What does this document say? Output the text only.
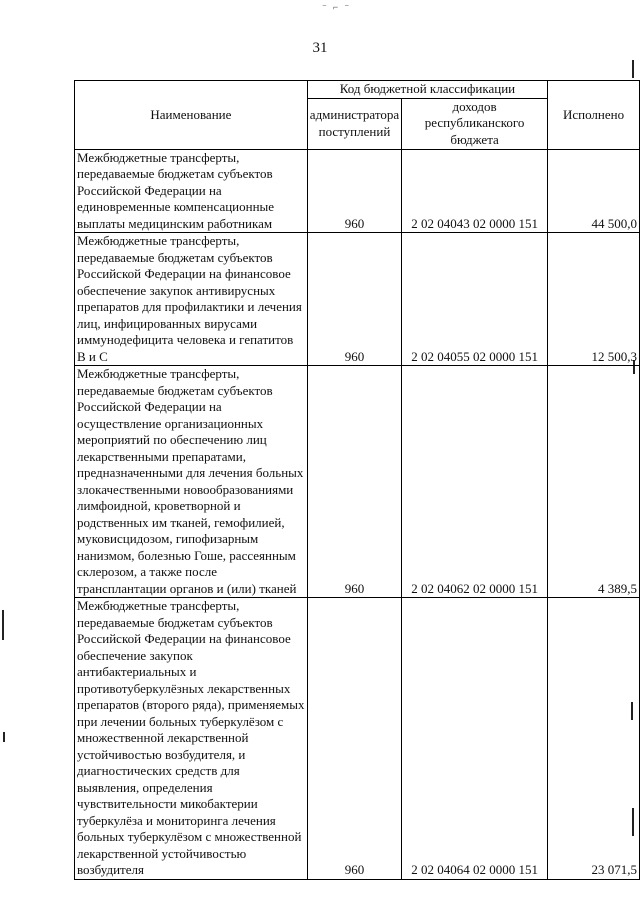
⁻ ⌐ ⁻
31
Наименование	Код бюджетной классификации		Исполнено
	администратора поступлений	доходов республиканского бюджета	
Межбюджетные трансферты, передаваемые бюджетам субъектов Российской Федерации на единовременные компенсационные выплаты медицинским работникам	960	2 02 04043 02 0000 151	44 500,0
Межбюджетные трансферты, передаваемые бюджетам субъектов Российской Федерации на финансовое обеспечение закупок антивирусных препаратов для профилактики и лечения лиц, инфицированных вирусами иммунодефицита человека и гепатитов В и С	960	2 02 04055 02 0000 151	12 500,3
Межбюджетные трансферты, передаваемые бюджетам субъектов Российской Федерации на осуществление организационных мероприятий по обеспечению лиц лекарственными препаратами, предназначенными для лечения больных злокачественными новообразованиями лимфоидной, кроветворной и родственных им тканей, гемофилией, муковисцидозом, гипофизарным нанизмом, болезнью Гоше, рассеянным склерозом, а также после трансплантации органов и (или) тканей	960	2 02 04062 02 0000 151	4 389,5
Межбюджетные трансферты, передаваемые бюджетам субъектов Российской Федерации на финансовое обеспечение закупок антибактериальных и противотуберкулёзных лекарственных препаратов (второго ряда), применяемых при лечении больных туберкулёзом с множественной лекарственной устойчивостью возбудителя, и диагностических средств для выявления, определения чувствительности микобактерии туберкулёза и мониторинга лечения больных туберкулёзом с множественной лекарственной устойчивостью возбудителя	960	2 02 04064 02 0000 151	23 071,5
